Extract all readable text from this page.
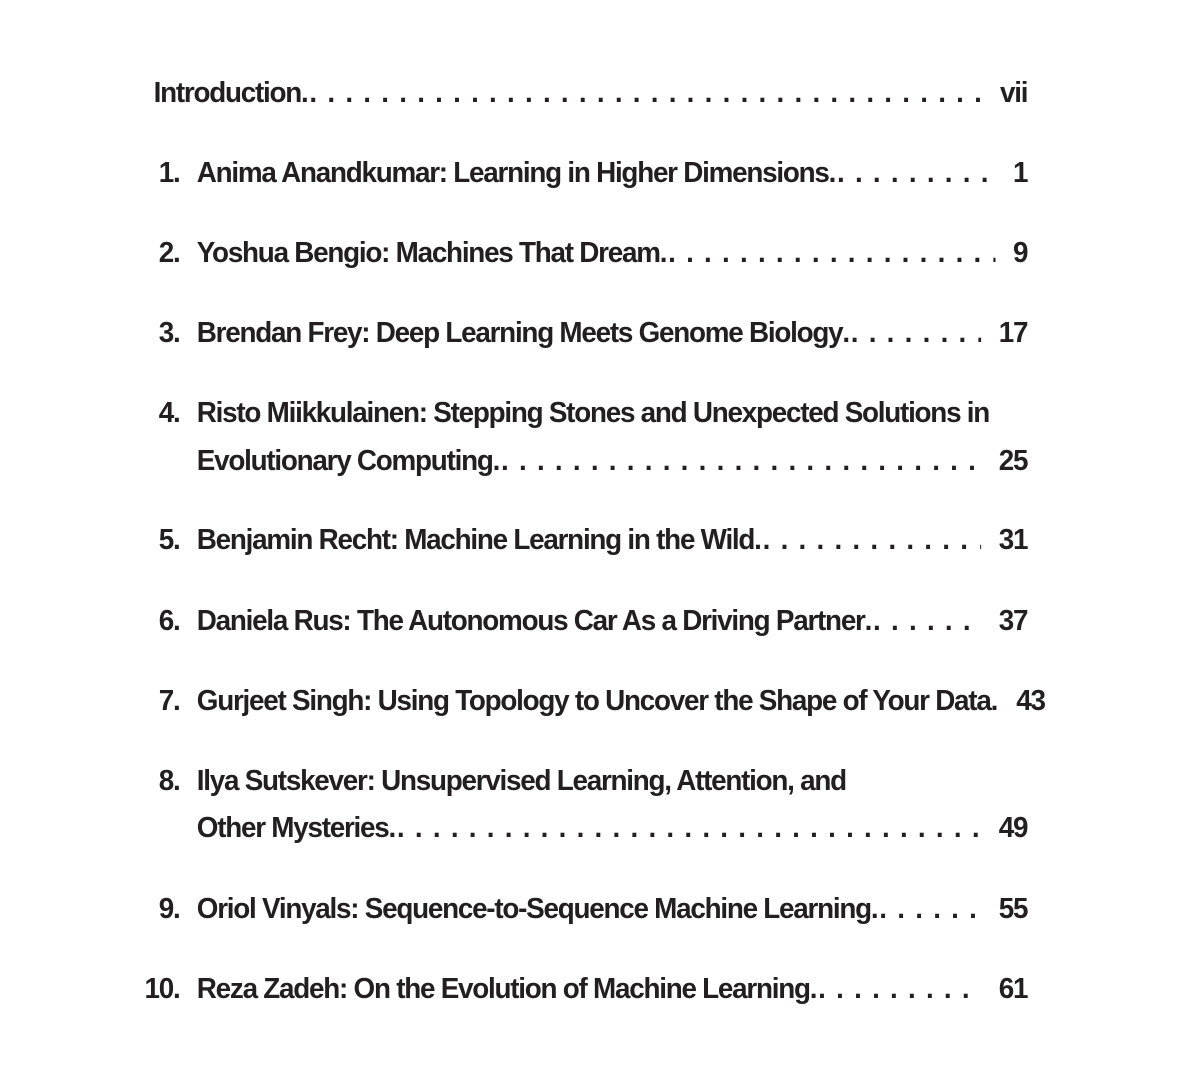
Introduction . . . .	vii
1. Anima Anandkumar: Learning in Higher Dimensions . . . .	1
2. Yoshua Bengio: Machines That Dream . . . .	9
3. Brendan Frey: Deep Learning Meets Genome Biology . . . .	17
4. Risto Miikkulainen: Stepping Stones and Unexpected Solutions in
Evolutionary Computing . . . .	25
5. Benjamin Recht: Machine Learning in the Wild . . . .	31
6. Daniela Rus: The Autonomous Car As a Driving Partner . . . .	37
7. Gurjeet Singh: Using Topology to Uncover the Shape of Your Data . 43
8. Ilya Sutskever: Unsupervised Learning, Attention, and
Other Mysteries . . . .	49
9. Oriol Vinyals: Sequence-to-Sequence Machine Learning . . . .	55
10. Reza Zadeh: On the Evolution of Machine Learning . . . .	61
